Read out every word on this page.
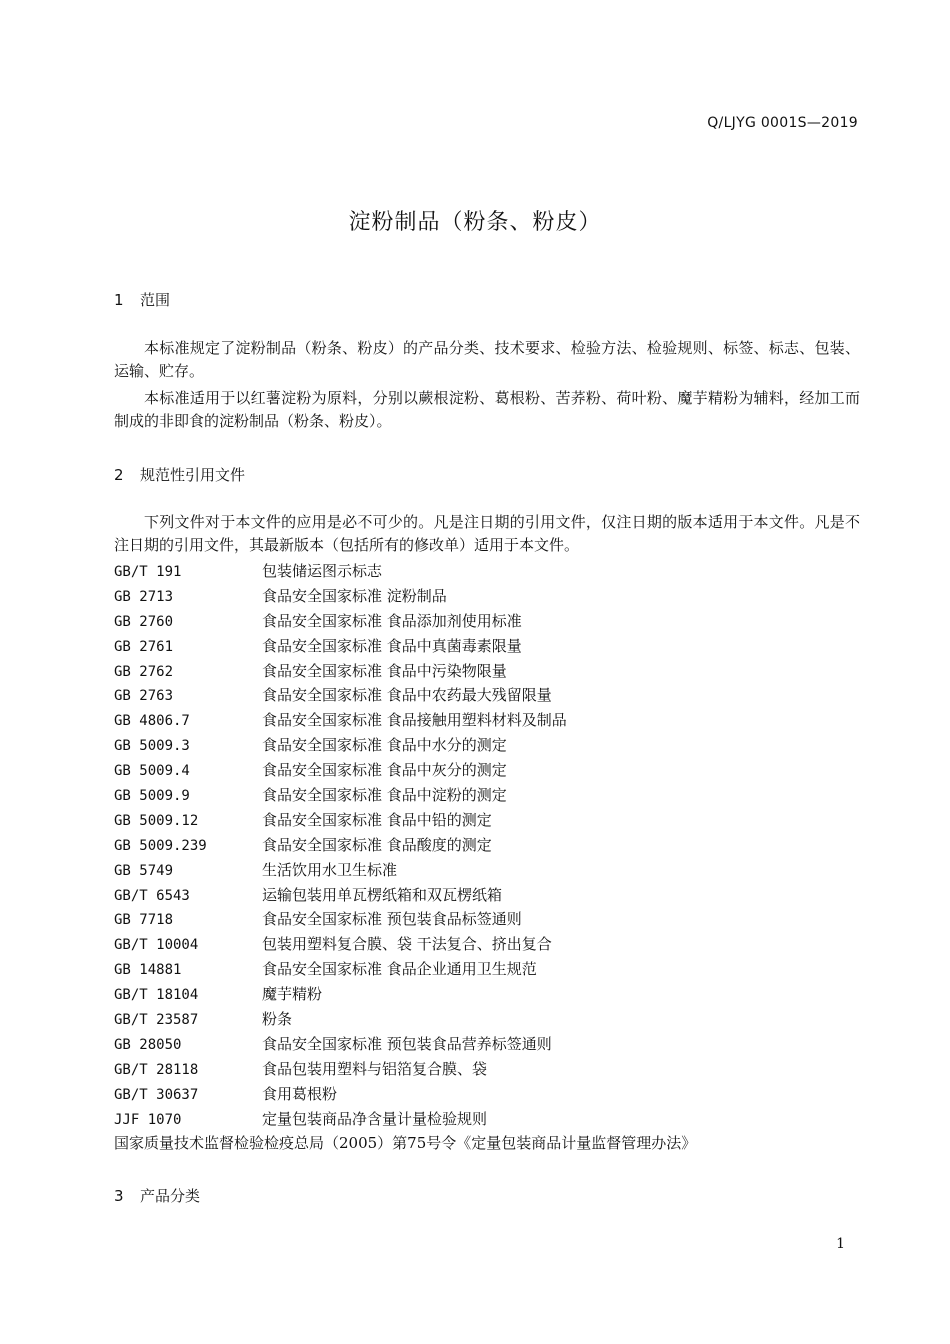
Q/LJYG 0001S—2019
淀粉制品（粉条、粉皮）
1 范围
本标准规定了淀粉制品（粉条、粉皮）的产品分类、技术要求、检验方法、检验规则、标签、标志、包装、运输、贮存。
本标准适用于以红薯淀粉为原料，分别以蕨根淀粉、葛根粉、苦荞粉、荷叶粉、魔芋精粉为辅料，经加工而制成的非即食的淀粉制品（粉条、粉皮）。
2 规范性引用文件
下列文件对于本文件的应用是必不可少的。凡是注日期的引用文件，仅注日期的版本适用于本文件。凡是不注日期的引用文件，其最新版本（包括所有的修改单）适用于本文件。
GB/T 191	包装储运图示标志
GB 2713	食品安全国家标准 淀粉制品
GB 2760	食品安全国家标准 食品添加剂使用标准
GB 2761	食品安全国家标准 食品中真菌毒素限量
GB 2762	食品安全国家标准 食品中污染物限量
GB 2763	食品安全国家标准 食品中农药最大残留限量
GB 4806.7	食品安全国家标准 食品接触用塑料材料及制品
GB 5009.3	食品安全国家标准 食品中水分的测定
GB 5009.4	食品安全国家标准 食品中灰分的测定
GB 5009.9	食品安全国家标准 食品中淀粉的测定
GB 5009.12	食品安全国家标准 食品中铅的测定
GB 5009.239	食品安全国家标准 食品酸度的测定
GB 5749	生活饮用水卫生标准
GB/T 6543	运输包装用单瓦楞纸箱和双瓦楞纸箱
GB 7718	食品安全国家标准 预包装食品标签通则
GB/T 10004	包装用塑料复合膜、袋 干法复合、挤出复合
GB 14881	食品安全国家标准 食品企业通用卫生规范
GB/T 18104	魔芋精粉
GB/T 23587	粉条
GB 28050	食品安全国家标准 预包装食品营养标签通则
GB/T 28118	食品包装用塑料与铝箔复合膜、袋
GB/T 30637	食用葛根粉
JJF 1070	定量包装商品净含量计量检验规则
国家质量技术监督检验检疫总局（2005）第75号令《定量包装商品计量监督管理办法》
3 产品分类
1
